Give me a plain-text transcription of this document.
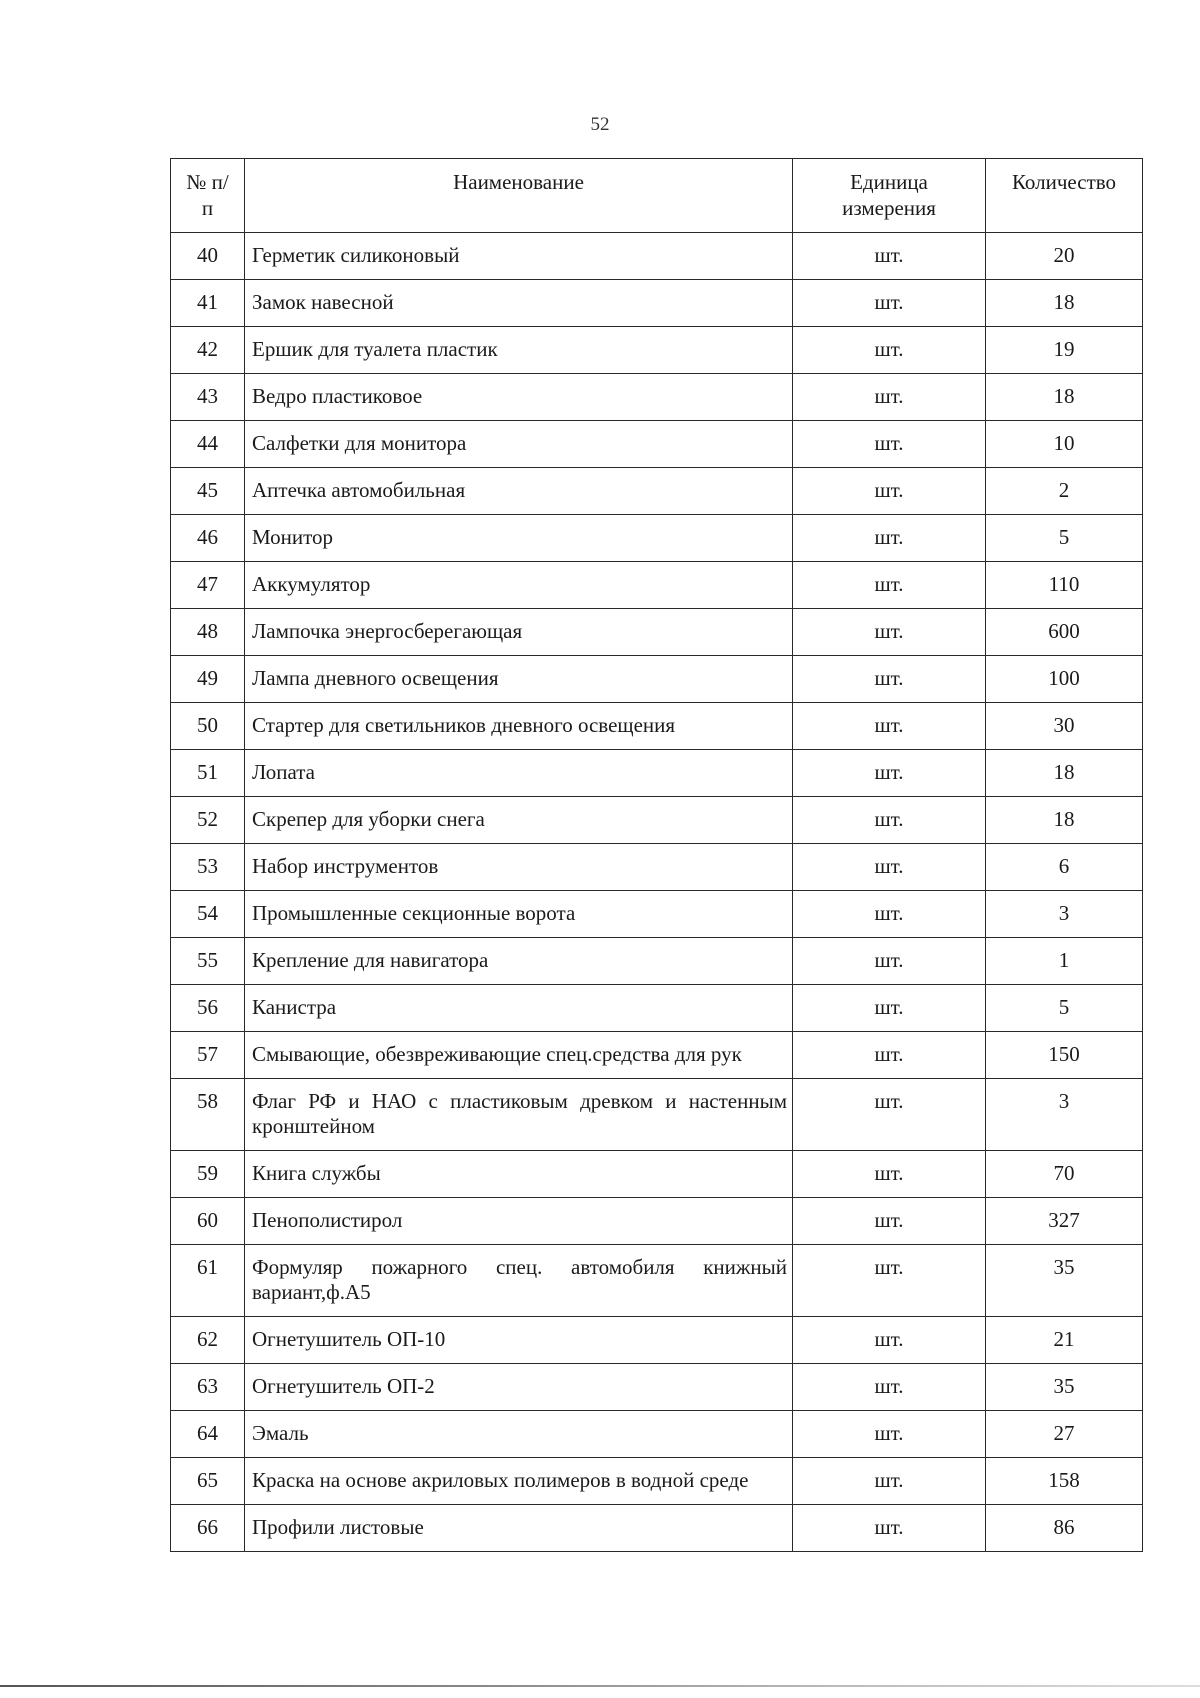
52
№ п/п	Наименование	Единица измерения	Количество
40	Герметик силиконовый	шт.	20
41	Замок навесной	шт.	18
42	Ершик для туалета пластик	шт.	19
43	Ведро пластиковое	шт.	18
44	Салфетки для монитора	шт.	10
45	Аптечка автомобильная	шт.	2
46	Монитор	шт.	5
47	Аккумулятор	шт.	110
48	Лампочка энергосберегающая	шт.	600
49	Лампа дневного освещения	шт.	100
50	Стартер для светильников дневного освещения	шт.	30
51	Лопата	шт.	18
52	Скрепер для уборки снега	шт.	18
53	Набор инструментов	шт.	6
54	Промышленные секционные ворота	шт.	3
55	Крепление для навигатора	шт.	1
56	Канистра	шт.	5
57	Смывающие, обезвреживающие спец.средства для рук	шт.	150
58	Флаг РФ и НАО с пластиковым древком и настенным кронштейном	шт.	3
59	Книга службы	шт.	70
60	Пенополистирол	шт.	327
61	Формуляр пожарного спец. автомобиля книжный вариант,ф.А5	шт.	35
62	Огнетушитель ОП-10	шт.	21
63	Огнетушитель ОП-2	шт.	35
64	Эмаль	шт.	27
65	Краска на основе акриловых полимеров в водной среде	шт.	158
66	Профили листовые	шт.	86
